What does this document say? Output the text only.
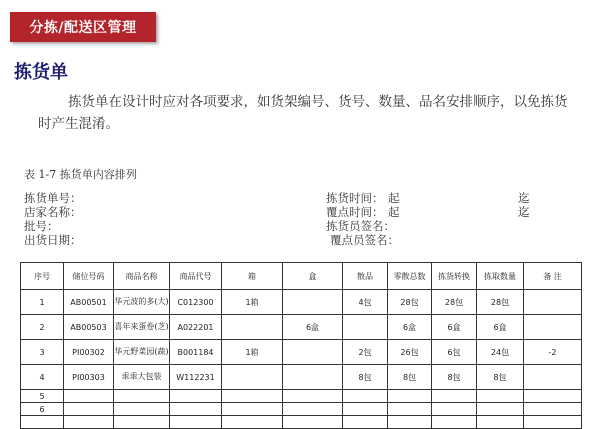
分拣/配送区管理
拣货单

拣货单在设计时应对各项要求，如货架编号、货号、数量、品名安排顺序，以免拣货

时产生混淆。

表 1-7 拣货单内容排列
拣货单号：
店家名称：
批号：
出货日期：
拣货时间： 起	迄
覆点时间： 起	迄
拣货员签名：
覆点员签名：
序号	储位号码	商品名称	商品代号	箱	盒	散品	零散总数	拣货转换	拣取数量	备 注
1	AB00501	华元波的多(大)	C012300	1箱		4包	28包	28包	28包	
2	AB00503	喜年来蛋卷(芝)	A022201		6盒		6盒	6盒	6盒	
3	PI00302	华元野菜园(蔬)	B001184	1箱		2包	26包	6包	24包	-2
4	PI00303	乖乖大包装	W112231			8包	8包	8包	8包	
5										
6										
